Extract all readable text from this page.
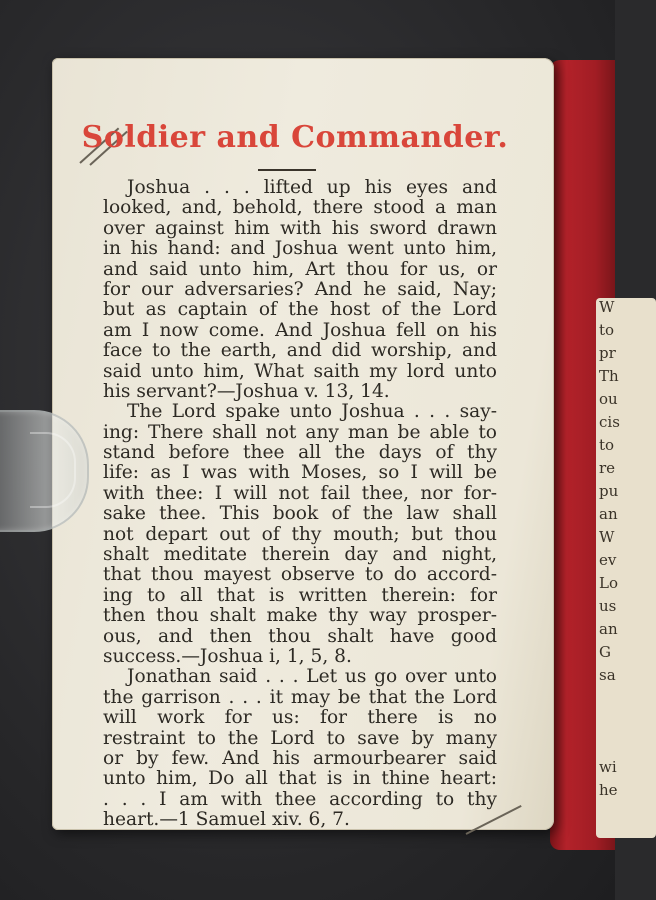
W
to
pr
Th
ou
cis
to
re
pu
an
W
ev
Lo
us
an
G
sa
wi
he
Soldier and Commander.
Joshua . . . lifted up his eyes and
looked, and, behold, there stood a man
over against him with his sword drawn
in his hand: and Joshua went unto him,
and said unto him, Art thou for us, or
for our adversaries? And he said, Nay;
but as captain of the host of the Lord
am I now come. And Joshua fell on his
face to the earth, and did worship, and
said unto him, What saith my lord unto
his servant?—Joshua v. 13, 14.
The Lord spake unto Joshua . . . say-
ing: There shall not any man be able to
stand before thee all the days of thy
life: as I was with Moses, so I will be
with thee: I will not fail thee, nor for-
sake thee. This book of the law shall
not depart out of thy mouth; but thou
shalt meditate therein day and night,
that thou mayest observe to do accord-
ing to all that is written therein: for
then thou shalt make thy way prosper-
ous, and then thou shalt have good
success.—Joshua i, 1, 5, 8.
Jonathan said . . . Let us go over unto
the garrison . . . it may be that the Lord
will work for us: for there is no
restraint to the Lord to save by many
or by few. And his armourbearer said
unto him, Do all that is in thine heart:
. . . I am with thee according to thy
heart.—1 Samuel xiv. 6, 7.
